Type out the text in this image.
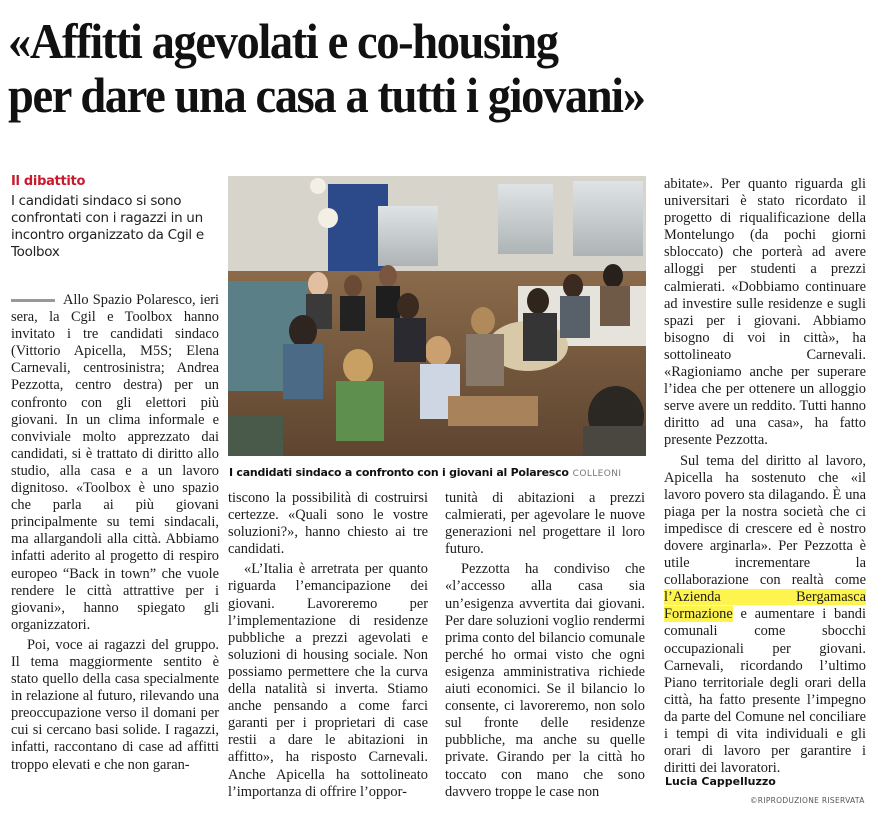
«Affitti agevolati e co-housing
per dare una casa a tutti i giovani»
Il dibattito
I candidati sindaco si sono confrontati con i ragazzi in un incontro organizzato da Cgil e Toolbox

Allo Spazio Polaresco, ieri sera, la Cgil e Toolbox hanno invitato i tre candidati sindaco (Vittorio Apicella, M5S; Elena Carnevali, centrosinistra; Andrea Pezzotta, centro destra) per un confronto con gli elettori più giovani. In un clima informale e conviviale molto apprezzato dai candidati, si è trattato di diritto allo studio, alla casa e a un lavoro dignitoso. «Toolbox è uno spazio che parla ai più giovani principalmente su temi sindacali, ma allargandoli alla città. Abbiamo infatti aderito al progetto di respiro europeo “Back in town” che vuole rendere le città attrattive per i giovani», hanno spiegato gli organizzatori.

Poi, voce ai ragazzi del gruppo. Il tema maggiormente sentito è stato quello della casa specialmente in relazione al futuro, rilevando una preoccupazione verso il domani per cui si cercano basi solide. I ragazzi, infatti, raccontano di case ad affitti troppo elevati e che non garan-

I candidati sindaco a confronto con i giovani al Polaresco COLLEONI

tiscono la possibilità di costruirsi certezze. «Quali sono le vostre soluzioni?», hanno chiesto ai tre candidati.

«L’Italia è arretrata per quanto riguarda l’emancipazione dei giovani. Lavoreremo per l’implementazione di residenze pubbliche a prezzi agevolati e soluzioni di housing sociale. Non possiamo permettere che la curva della natalità si inverta. Stiamo anche pensando a come farci garanti per i proprietari di case restii a dare le abitazioni in affitto», ha risposto Carnevali. Anche Apicella ha sottolineato l’importanza di offrire l’oppor-

tunità di abitazioni a prezzi calmierati, per agevolare le nuove generazioni nel progettare il loro futuro.

Pezzotta ha condiviso che «l’accesso alla casa sia un’esigenza avvertita dai giovani. Per dare soluzioni voglio rendermi prima conto del bilancio comunale perché ho ormai visto che ogni esigenza amministrativa richiede aiuti economici. Se il bilancio lo consente, ci lavoreremo, non solo sul fronte delle residenze pubbliche, ma anche su quelle private. Girando per la città ho toccato con mano che sono davvero troppe le case non

abitate». Per quanto riguarda gli universitari è stato ricordato il progetto di riqualificazione della Montelungo (da pochi giorni sbloccato) che porterà ad avere alloggi per studenti a prezzi calmierati. «Dobbiamo continuare ad investire sulle residenze e sugli spazi per i giovani. Abbiamo bisogno di voi in città», ha sottolineato Carnevali. «Ragioniamo anche per superare l’idea che per ottenere un alloggio serve avere un reddito. Tutti hanno diritto ad una casa», ha fatto presente Pezzotta.

Sul tema del diritto al lavoro, Apicella ha sostenuto che «il lavoro povero sta dilagando. È una piaga per la nostra società che ci impedisce di crescere ed è nostro dovere arginarla». Per Pezzotta è utile incrementare la collaborazione con realtà come l’Azienda Bergamasca Formazione e aumentare i bandi comunali come sbocchi occupazionali per giovani. Carnevali, ricordando l’ultimo Piano territoriale degli orari della città, ha fatto presente l’impegno da parte del Comune nel conciliare i tempi di vita individuali e gli orari di lavoro per garantire i diritti dei lavoratori.

Lucia Cappelluzzo
©RIPRODUZIONE RISERVATA
